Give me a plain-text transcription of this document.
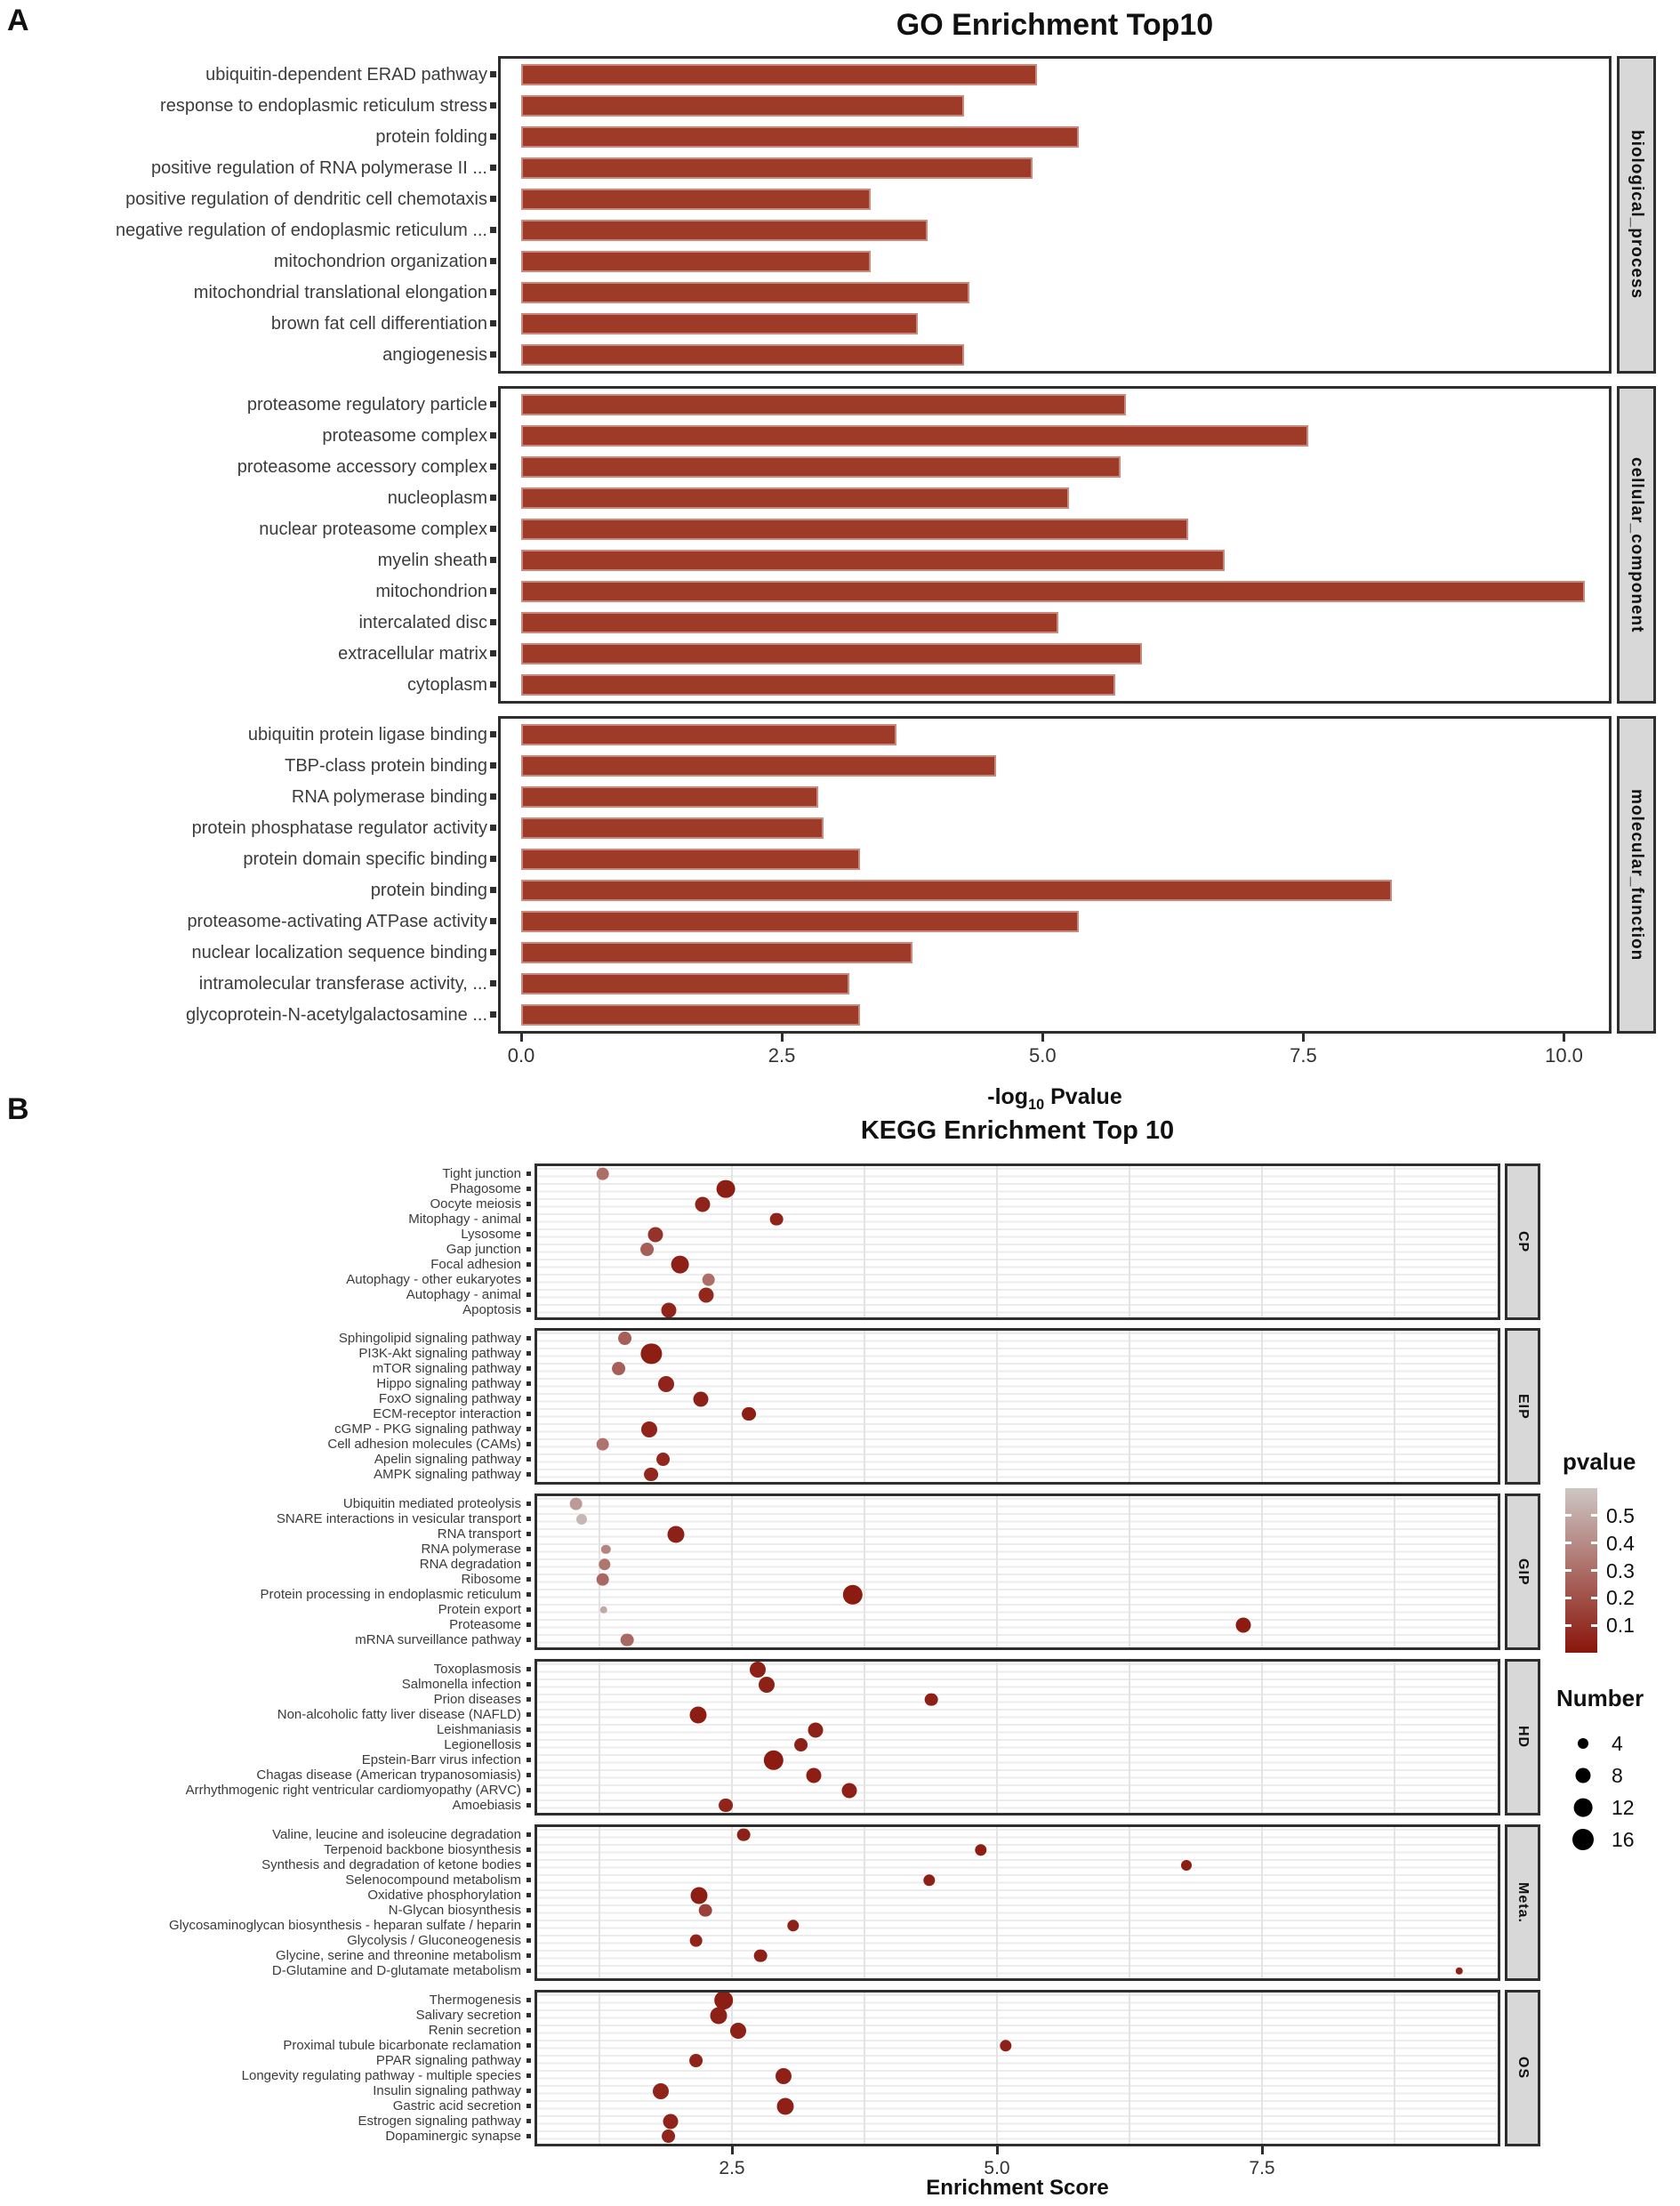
A	GO Enrichment Top10
biological_process
ubiquitin-dependent ERAD pathway
response to endoplasmic reticulum stress
protein folding
positive regulation of RNA polymerase II ...
positive regulation of dendritic cell chemotaxis
negative regulation of endoplasmic reticulum ...
mitochondrion organization
mitochondrial translational elongation
brown fat cell differentiation
angiogenesis
cellular_component
proteasome regulatory particle
proteasome complex
proteasome accessory complex
nucleoplasm
nuclear proteasome complex
myelin sheath
mitochondrion
intercalated disc
extracellular matrix
cytoplasm
molecular_function
ubiquitin protein ligase binding
TBP-class protein binding
RNA polymerase binding
protein phosphatase regulator activity
protein domain specific binding
protein binding
proteasome-activating ATPase activity
nuclear localization sequence binding
intramolecular transferase activity, ...
glycoprotein-N-acetylgalactosamine ...
0.0	2.5	5.0	7.5	10.0
$-\log_{10}$ Pvalue
B
KEGG Enrichment Top 10
CP
Tight junction
Phagosome
Oocyte meiosis
Mitophagy - animal
Lysosome
Gap junction
Focal adhesion
Autophagy - other eukaryotes
Autophagy - animal
Apoptosis
EIP
Sphingolipid signaling pathway
PI3K-Akt signaling pathway
mTOR signaling pathway
Hippo signaling pathway
FoxO signaling pathway
ECM-receptor interaction
cGMP - PKG signaling pathway
Cell adhesion molecules (CAMs)
Apelin signaling pathway
AMPK signaling pathway
GIP
Ubiquitin mediated proteolysis
SNARE interactions in vesicular transport
RNA transport
RNA polymerase
RNA degradation
Ribosome
Protein processing in endoplasmic reticulum
Protein export
Proteasome
mRNA surveillance pathway
HD
Toxoplasmosis
Salmonella infection
Prion diseases
Non-alcoholic fatty liver disease (NAFLD)
Leishmaniasis
Legionellosis
Epstein-Barr virus infection
Chagas disease (American trypanosomiasis)
Arrhythmogenic right ventricular cardiomyopathy (ARVC)
Amoebiasis
Meta.
Valine, leucine and isoleucine degradation
Terpenoid backbone biosynthesis
Synthesis and degradation of ketone bodies
Selenocompound metabolism
Oxidative phosphorylation
N-Glycan biosynthesis
Glycosaminoglycan biosynthesis - heparan sulfate / heparin
Glycolysis / Gluconeogenesis
Glycine, serine and threonine metabolism
D-Glutamine and D-glutamate metabolism
OS
Thermogenesis
Salivary secretion
Renin secretion
Proximal tubule bicarbonate reclamation
PPAR signaling pathway
Longevity regulating pathway - multiple species
Insulin signaling pathway
Gastric acid secretion
Estrogen signaling pathway
Dopaminergic synapse
2.5	5.0	7.5
Enrichment Score
pvalue
0.5
0.4
0.3
0.2
0.1
Number
4
8
12
16
